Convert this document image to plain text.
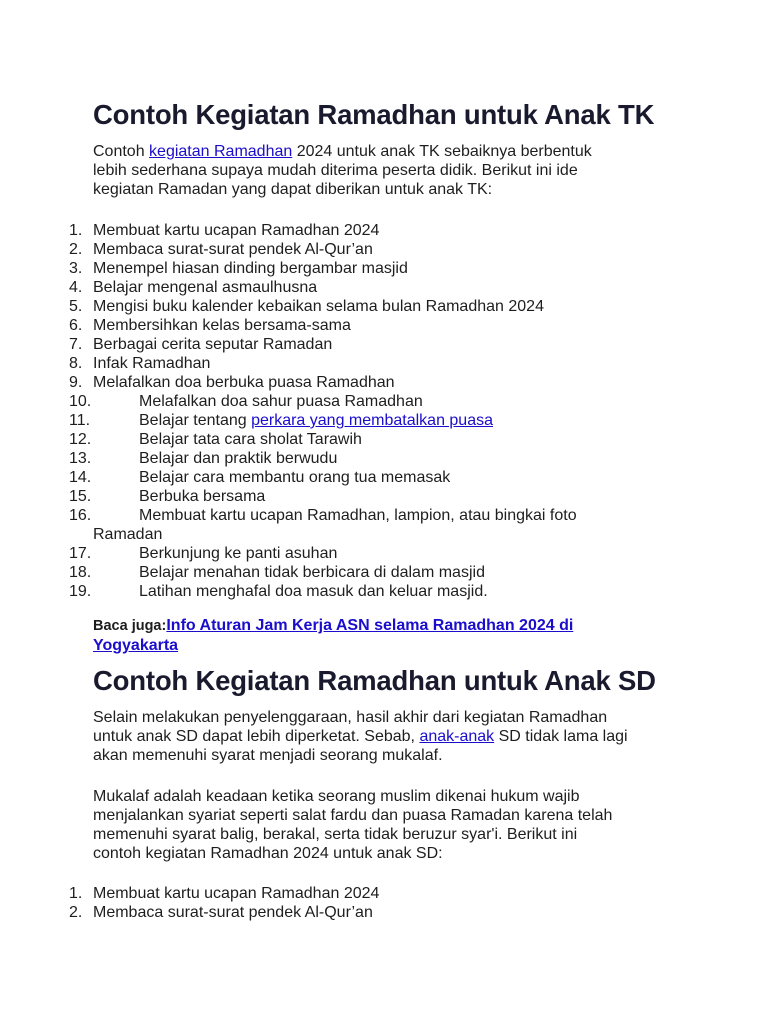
Contoh Kegiatan Ramadhan untuk Anak TK

Contoh kegiatan Ramadhan 2024 untuk anak TK sebaiknya berbentuk
lebih sederhana supaya mudah diterima peserta didik. Berikut ini ide
kegiatan Ramadan yang dapat diberikan untuk anak TK:

1. Membuat kartu ucapan Ramadhan 2024
2. Membaca surat-surat pendek Al-Qur’an
3. Menempel hiasan dinding bergambar masjid
4. Belajar mengenal asmaulhusna
5. Mengisi buku kalender kebaikan selama bulan Ramadhan 2024
6. Membersihkan kelas bersama-sama
7. Berbagai cerita seputar Ramadan
8. Infak Ramadhan
9. Melafalkan doa berbuka puasa Ramadhan
10.	Melafalkan doa sahur puasa Ramadhan
11.	Belajar tentang perkara yang membatalkan puasa
12.	Belajar tata cara sholat Tarawih
13.	Belajar dan praktik berwudu
14.	Belajar cara membantu orang tua memasak
15.	Berbuka bersama
16.	Membuat kartu ucapan Ramadhan, lampion, atau bingkai foto
Ramadan
17.	Berkunjung ke panti asuhan
18.	Belajar menahan tidak berbicara di dalam masjid
19.	Latihan menghafal doa masuk dan keluar masjid.
Baca juga:Info Aturan Jam Kerja ASN selama Ramadhan 2024 di
Yogyakarta
Contoh Kegiatan Ramadhan untuk Anak SD

Selain melakukan penyelenggaraan, hasil akhir dari kegiatan Ramadhan
untuk anak SD dapat lebih diperketat. Sebab, anak-anak SD tidak lama lagi
akan memenuhi syarat menjadi seorang mukalaf.

Mukalaf adalah keadaan ketika seorang muslim dikenai hukum wajib
menjalankan syariat seperti salat fardu dan puasa Ramadan karena telah
memenuhi syarat balig, berakal, serta tidak beruzur syar'i. Berikut ini
contoh kegiatan Ramadhan 2024 untuk anak SD:

1. Membuat kartu ucapan Ramadhan 2024
2. Membaca surat-surat pendek Al-Qur’an
